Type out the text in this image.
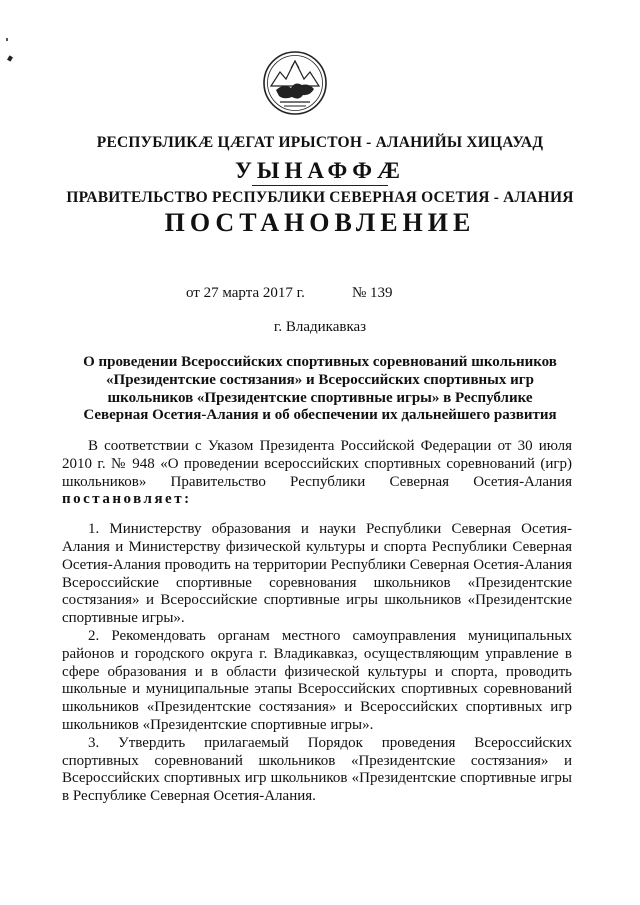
РЕСПУБЛИКӔ ЦӔГАТ ИРЫСТОН - АЛАНИЙЫ ХИЦАУАД
УЫНАФФӔ
ПРАВИТЕЛЬСТВО РЕСПУБЛИКИ СЕВЕРНАЯ ОСЕТИЯ - АЛАНИЯ
ПОСТАНОВЛЕНИЕ
от 27 марта 2017 г.	№ 139
г. Владикавказ
О проведении Всероссийских спортивных соревнований школьников
«Президентские состязания» и Всероссийских спортивных игр
школьников «Президентские спортивные игры» в Республике
Северная Осетия-Алания и об обеспечении их дальнейшего развития

В соответствии с Указом Президента Российской Федерации от 30 июля 2010 г. № 948 «О проведении всероссийских спортивных соревнований (игр) школьников» Правительство Республики Северная Осетия-Алания постановляет:

1. Министерству образования и науки Республики Северная Осетия-Алания и Министерству физической культуры и спорта Республики Северная Осетия-Алания проводить на территории Республики Северная Осетия-Алания Всероссийские спортивные соревнования школьников «Президентские состязания» и Всероссийские спортивные игры школьников «Президентские спортивные игры».

2. Рекомендовать органам местного самоуправления муниципальных районов и городского округа г. Владикавказ, осуществляющим управление в сфере образования и в области физической культуры и спорта, проводить школьные и муниципальные этапы Всероссийских спортивных соревнований школьников «Президентские состязания» и Всероссийских спортивных игр школьников «Президентские спортивные игры».

3. Утвердить прилагаемый Порядок проведения Всероссийских спортивных соревнований школьников «Президентские состязания» и Всероссийских спортивных игр школьников «Президентские спортивные игры в Республике Северная Осетия-Алания.
